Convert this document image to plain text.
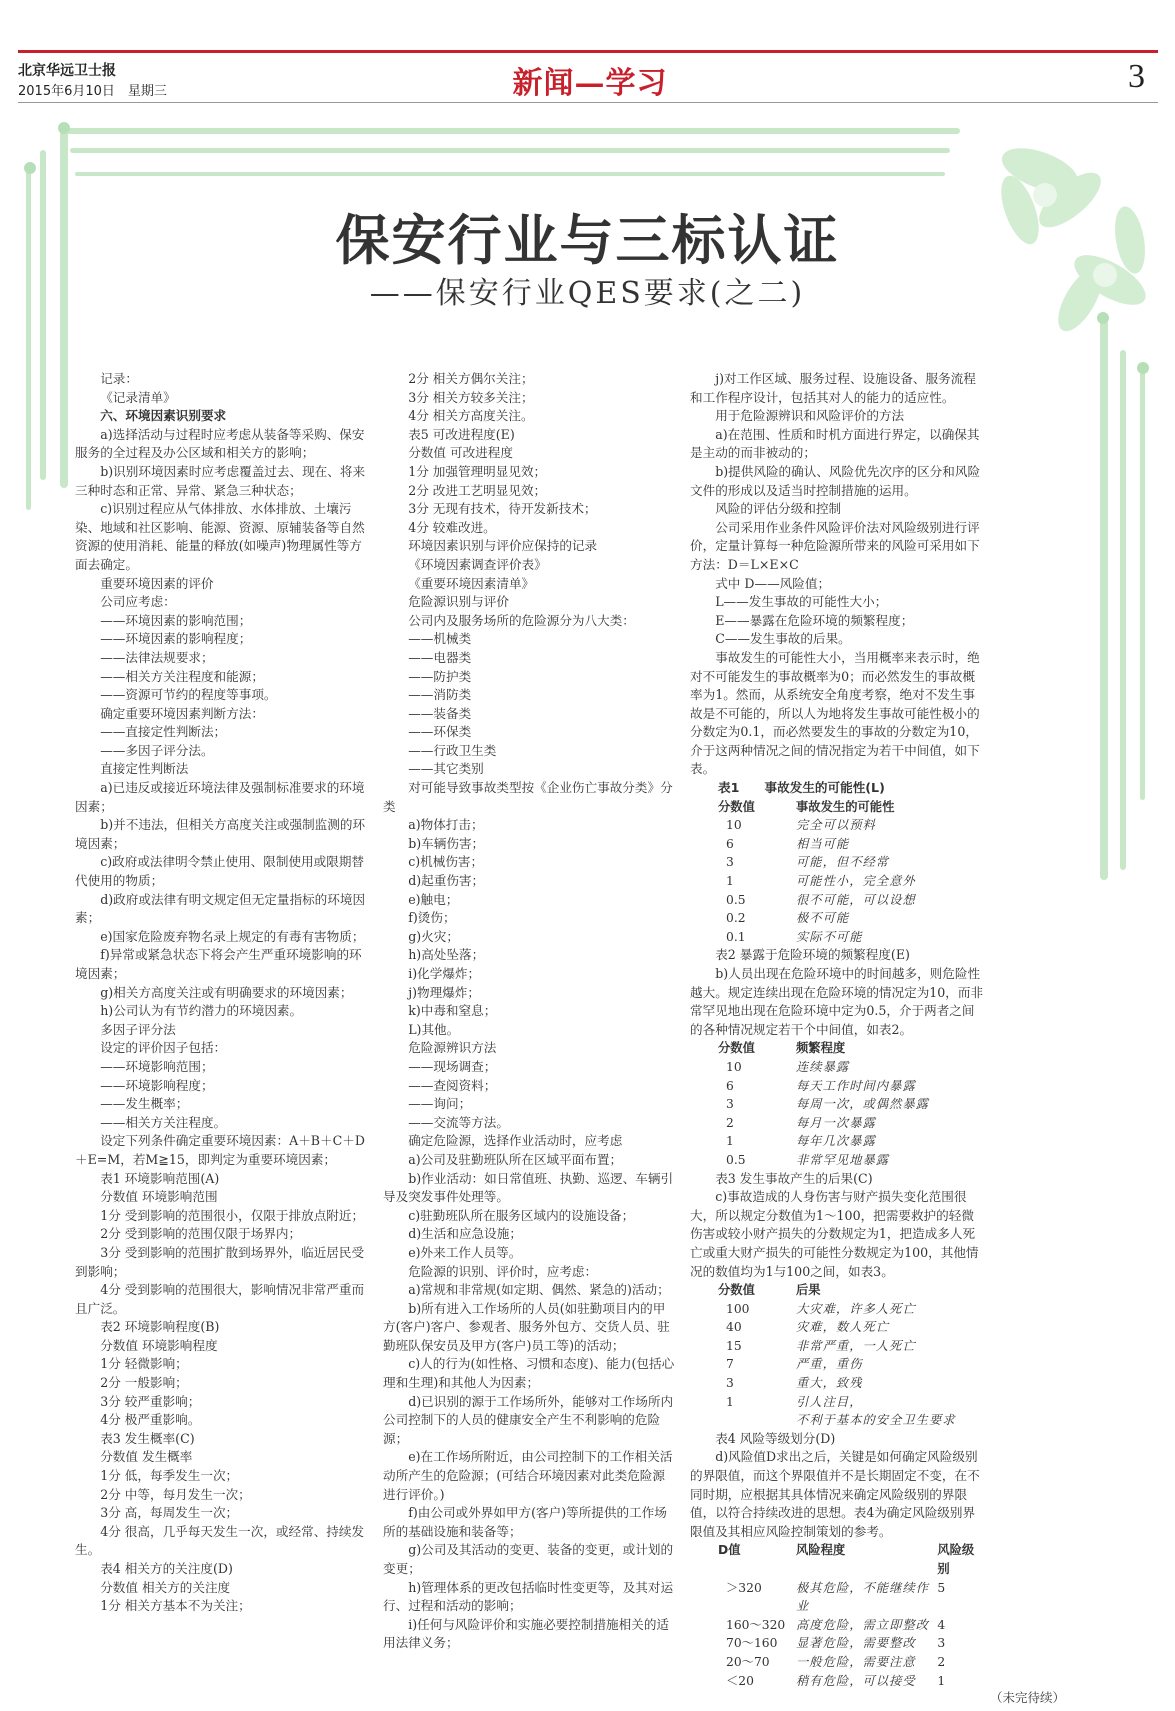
北京华远卫士报
2015年6月10日　星期三	新闻—学习	3
保安行业与三标认证
——保安行业QES要求(之二)
记录：
《记录清单》
六、环境因素识别要求
a)选择活动与过程时应考虑从装备等采购、保安服务的全过程及办公区域和相关方的影响；
b)识别环境因素时应考虑覆盖过去、现在、将来三种时态和正常、异常、紧急三种状态；
c)识别过程应从气体排放、水体排放、土壤污染、地域和社区影响、能源、资源、原辅装备等自然资源的使用消耗、能量的释放(如噪声)物理属性等方面去确定。
重要环境因素的评价
公司应考虑：
——环境因素的影响范围；
——环境因素的影响程度；
——法律法规要求；
——相关方关注程度和能源；
——资源可节约的程度等事项。
确定重要环境因素判断方法：
——直接定性判断法；
——多因子评分法。
直接定性判断法
a)已违反或接近环境法律及强制标准要求的环境因素；
b)并不违法，但相关方高度关注或强制监测的环境因素；
c)政府或法律明令禁止使用、限制使用或限期替代使用的物质；
d)政府或法律有明文规定但无定量指标的环境因素；
e)国家危险废弃物名录上规定的有毒有害物质；
f)异常或紧急状态下将会产生严重环境影响的环境因素；
g)相关方高度关注或有明确要求的环境因素；
h)公司认为有节约潜力的环境因素。
多因子评分法
设定的评价因子包括：
——环境影响范围；
——环境影响程度；
——发生概率；
——相关方关注程度。
设定下列条件确定重要环境因素：A＋B＋C＋D＋E=M，若M≧15，即判定为重要环境因素；
表1 环境影响范围(A)
分数值 环境影响范围
1分 受到影响的范围很小，仅限于排放点附近；
2分 受到影响的范围仅限于场界内；
3分 受到影响的范围扩散到场界外，临近居民受到影响；
4分 受到影响的范围很大，影响情况非常严重而且广泛。
表2 环境影响程度(B)
分数值 环境影响程度
1分 轻微影响；
2分 一般影响；
3分 较严重影响；
4分 极严重影响。
表3 发生概率(C)
分数值 发生概率
1分 低，每季发生一次；
2分 中等，每月发生一次；
3分 高，每周发生一次；
4分 很高，几乎每天发生一次，或经常、持续发生。
表4 相关方的关注度(D)
分数值 相关方的关注度
1分 相关方基本不为关注；
2分 相关方偶尔关注；
3分 相关方较多关注；
4分 相关方高度关注。
表5 可改进程度(E)
分数值 可改进程度
1分 加强管理明显见效；
2分 改进工艺明显见效；
3分 无现有技术，待开发新技术；
4分 较难改进。
环境因素识别与评价应保持的记录
《环境因素调查评价表》
《重要环境因素清单》
危险源识别与评价
公司内及服务场所的危险源分为八大类：
——机械类
——电器类
——防护类
——消防类
——装备类
——环保类
——行政卫生类
——其它类别
对可能导致事故类型按《企业伤亡事故分类》分类
a)物体打击；
b)车辆伤害；
c)机械伤害；
d)起重伤害；
e)触电；
f)烫伤；
g)火灾；
h)高处坠落；
i)化学爆炸；
j)物理爆炸；
k)中毒和窒息；
L)其他。
危险源辨识方法
——现场调查；
——查阅资料；
——询问；
——交流等方法。
确定危险源，选择作业活动时，应考虑
a)公司及驻勤班队所在区域平面布置；
b)作业活动：如日常值班、执勤、巡逻、车辆引导及突发事件处理等。
c)驻勤班队所在服务区域内的设施设备；
d)生活和应急设施；
e)外来工作人员等。
危险源的识别、评价时，应考虑：
a)常规和非常规(如定期、偶然、紧急的)活动；
b)所有进入工作场所的人员(如驻勤项目内的甲方(客户)客户、参观者、服务外包方、交货人员、驻勤班队保安员及甲方(客户)员工等)的活动；
c)人的行为(如性格、习惯和态度)、能力(包括心理和生理)和其他人为因素；
d)已识别的源于工作场所外，能够对工作场所内公司控制下的人员的健康安全产生不利影响的危险源；
e)在工作场所附近，由公司控制下的工作相关活动所产生的危险源；(可结合环境因素对此类危险源进行评价。)
f)由公司或外界如甲方(客户)等所提供的工作场所的基础设施和装备等；
g)公司及其活动的变更、装备的变更，或计划的变更；
h)管理体系的更改包括临时性变更等，及其对运行、过程和活动的影响；
i)任何与风险评价和实施必要控制措施相关的适用法律义务；
j)对工作区域、服务过程、设施设备、服务流程和工作程序设计，包括其对人的能力的适应性。
用于危险源辨识和风险评价的方法
a)在范围、性质和时机方面进行界定，以确保其是主动的而非被动的；
b)提供风险的确认、风险优先次序的区分和风险文件的形成以及适当时控制措施的运用。
风险的评估分级和控制
公司采用作业条件风险评价法对风险级别进行评价，定量计算每一种危险源所带来的风险可采用如下方法：D＝L×E×C
式中 D——风险值；
L——发生事故的可能性大小；
E——暴露在危险环境的频繁程度；
C——发生事故的后果。
事故发生的可能性大小，当用概率来表示时，绝对不可能发生的事故概率为0；而必然发生的事故概率为1。然而，从系统安全角度考察，绝对不发生事故是不可能的，所以人为地将发生事故可能性极小的分数定为0.1，而必然要发生的事故的分数定为10，介于这两种情况之间的情况指定为若干中间值，如下表。
表1　　事故发生的可能性(L)
分数值	事故发生的可能性
10	完全可以预料
6	相当可能
3	可能，但不经常
1	可能性小，完全意外
0.5	很不可能，可以设想
0.2	极不可能
0.1	实际不可能
表2 暴露于危险环境的频繁程度(E)
b)人员出现在危险环境中的时间越多，则危险性越大。规定连续出现在危险环境的情况定为10，而非常罕见地出现在危险环境中定为0.5，介于两者之间的各种情况规定若干个中间值，如表2。
分数值	频繁程度
10	连续暴露
6	每天工作时间内暴露
3	每周一次，或偶然暴露
2	每月一次暴露
1	每年几次暴露
0.5	非常罕见地暴露
表3 发生事故产生的后果(C)
c)事故造成的人身伤害与财产损失变化范围很大，所以规定分数值为1～100，把需要救护的轻微伤害或较小财产损失的分数规定为1，把造成多人死亡或重大财产损失的可能性分数规定为100，其他情况的数值均为1与100之间，如表3。
分数值	后果
100	大灾难，许多人死亡
40	灾难，数人死亡
15	非常严重，一人死亡
7	严重，重伤
3	重大，致残
1	引人注目，
	不利于基本的安全卫生要求
表4 风险等级划分(D)
d)风险值D求出之后，关键是如何确定风险级别的界限值，而这个界限值并不是长期固定不变，在不同时期，应根据其具体情况来确定风险级别的界限值，以符合持续改进的思想。表4为确定风险级别界限值及其相应风险控制策划的参考。
D值	风险程度	风险级别
＞320	极其危险，不能继续作业	5
160～320	高度危险，需立即整改	4
70～160	显著危险，需要整改	3
20～70	一般危险，需要注意	2
＜20	稍有危险，可以接受	1
（未完待续）
